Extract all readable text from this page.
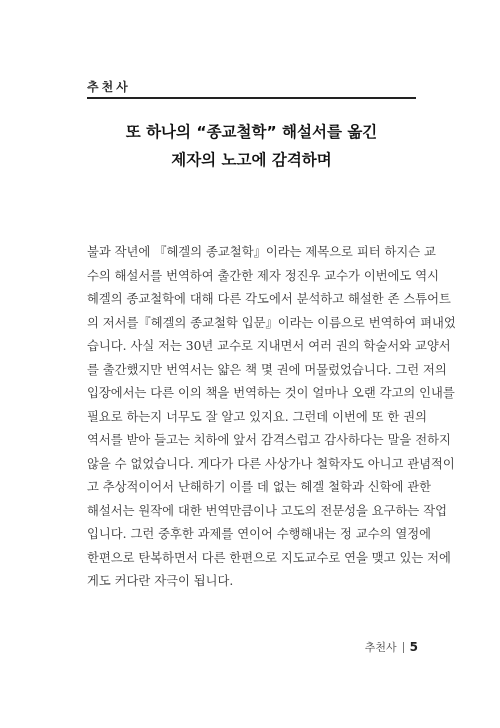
추천사
또 하나의 “종교철학” 해설서를 옮긴
제자의 노고에 감격하며
불과 작년에 『헤겔의 종교철학』이라는 제목으로 피터 하지슨 교
수의 해설서를 번역하여 출간한 제자 정진우 교수가 이번에도 역시
헤겔의 종교철학에 대해 다른 각도에서 분석하고 해설한 존 스튜어트
의 저서를『헤겔의 종교철학 입문』이라는 이름으로 번역하여 펴내었
습니다. 사실 저는 30년 교수로 지내면서 여러 권의 학술서와 교양서
를 출간했지만 번역서는 얇은 책 몇 권에 머물렀었습니다. 그런 저의
입장에서는 다른 이의 책을 번역하는 것이 얼마나 오랜 각고의 인내를
필요로 하는지 너무도 잘 알고 있지요. 그런데 이번에 또 한 권의
역서를 받아 들고는 치하에 앞서 감격스럽고 감사하다는 말을 전하지
않을 수 없었습니다. 게다가 다른 사상가나 철학자도 아니고 관념적이
고 추상적이어서 난해하기 이를 데 없는 헤겔 철학과 신학에 관한
해설서는 원작에 대한 번역만큼이나 고도의 전문성을 요구하는 작업
입니다. 그런 중후한 과제를 연이어 수행해내는 정 교수의 열정에
한편으로 탄복하면서 다른 한편으로 지도교수로 연을 맺고 있는 저에
게도 커다란 자극이 됩니다.
추천사 5
